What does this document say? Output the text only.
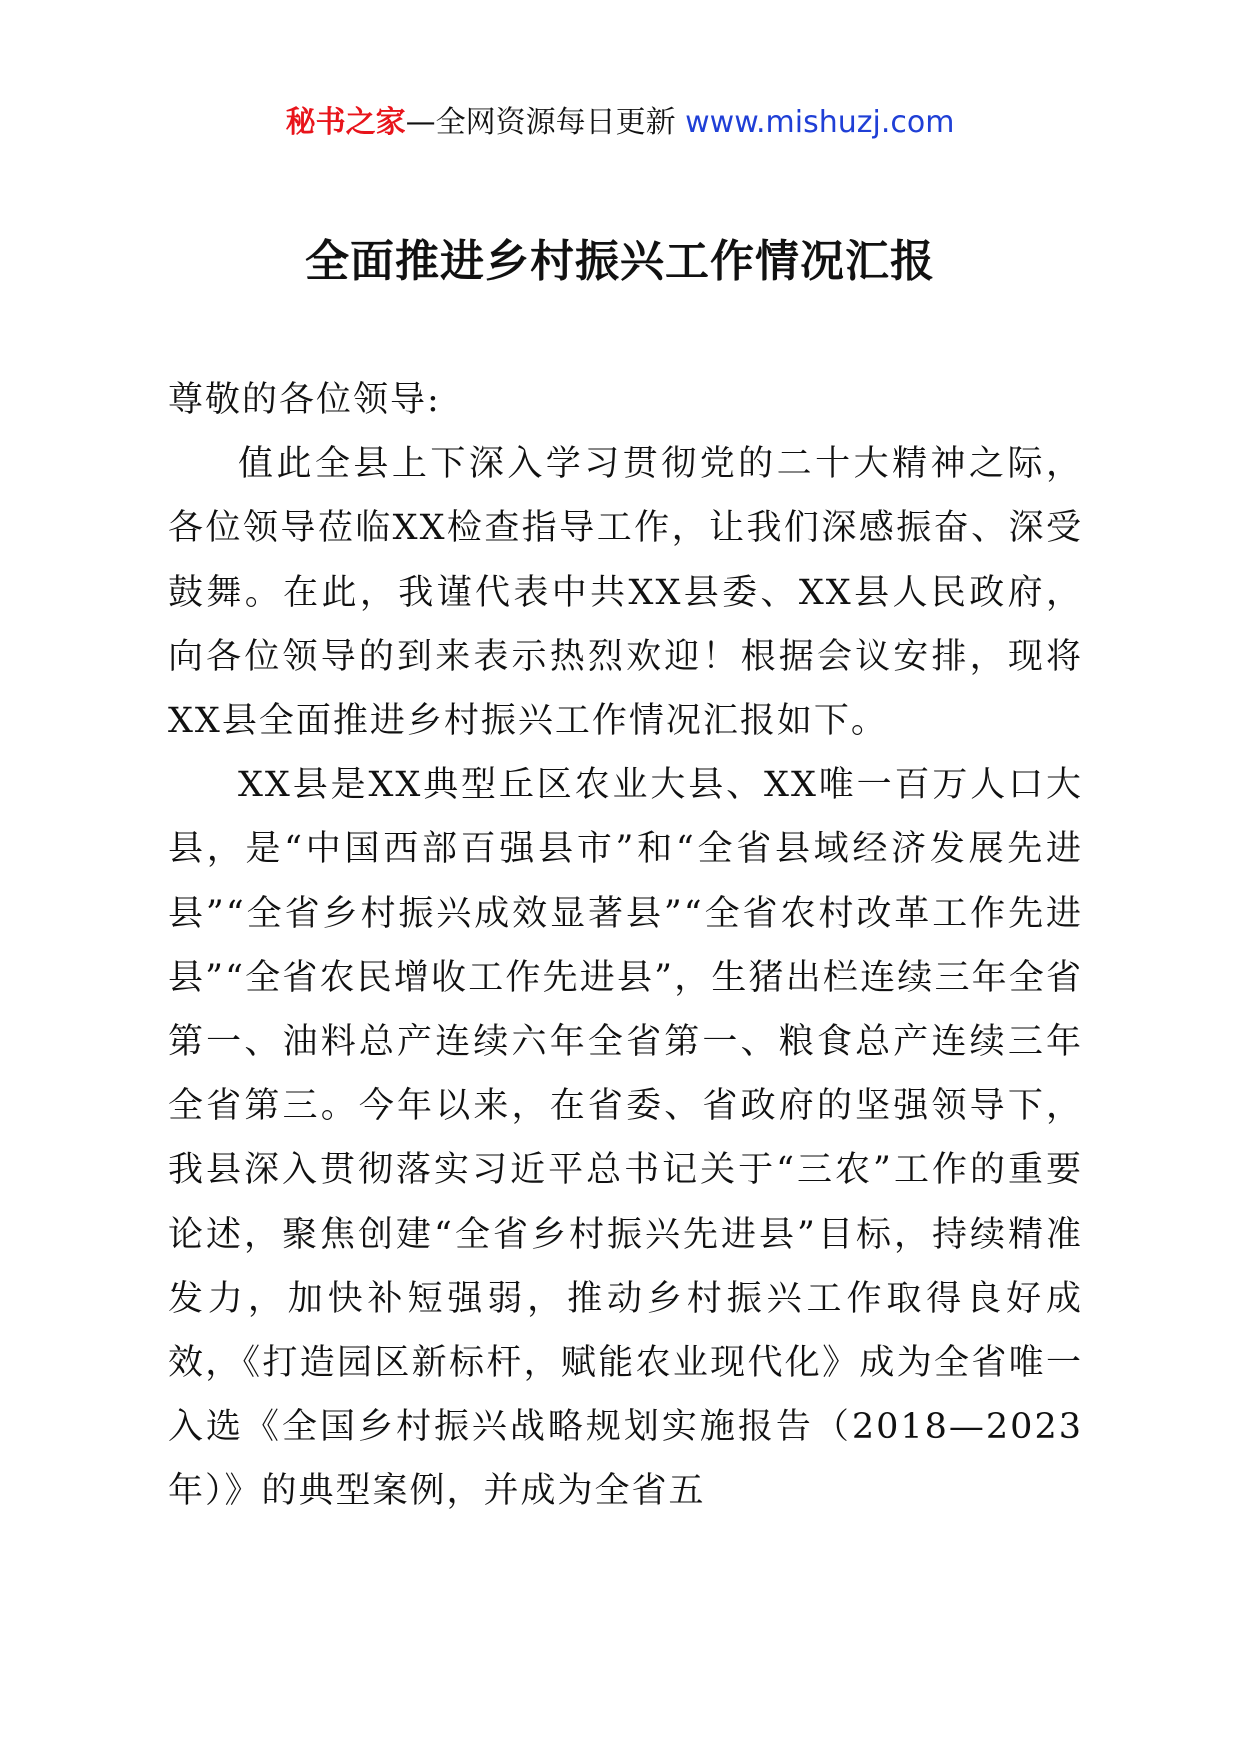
秘书之家—全网资源每日更新 www.mishuzj.com
全面推进乡村振兴工作情况汇报

尊敬的各位领导:

值此全县上下深入学习贯彻党的二十大精神之际，各位领导莅临XX检查指导工作，让我们深感振奋、深受鼓舞。在此，我谨代表中共XX县委、XX县人民政府，向各位领导的到来表示热烈欢迎！根据会议安排，现将XX县全面推进乡村振兴工作情况汇报如下。

XX县是XX典型丘区农业大县、XX唯一百万人口大县，是“中国西部百强县市”和“全省县域经济发展先进县”“全省乡村振兴成效显著县”“全省农村改革工作先进县”“全省农民增收工作先进县”，生猪出栏连续三年全省第一、油料总产连续六年全省第一、粮食总产连续三年全省第三。今年以来，在省委、省政府的坚强领导下，我县深入贯彻落实习近平总书记关于“三农”工作的重要论述，聚焦创建“全省乡村振兴先进县”目标，持续精准发力，加快补短强弱，推动乡村振兴工作取得良好成效，《打造园区新标杆，赋能农业现代化》成为全省唯一入选《全国乡村振兴战略规划实施报告（2018—2023年）》的典型案例，并成为全省五
